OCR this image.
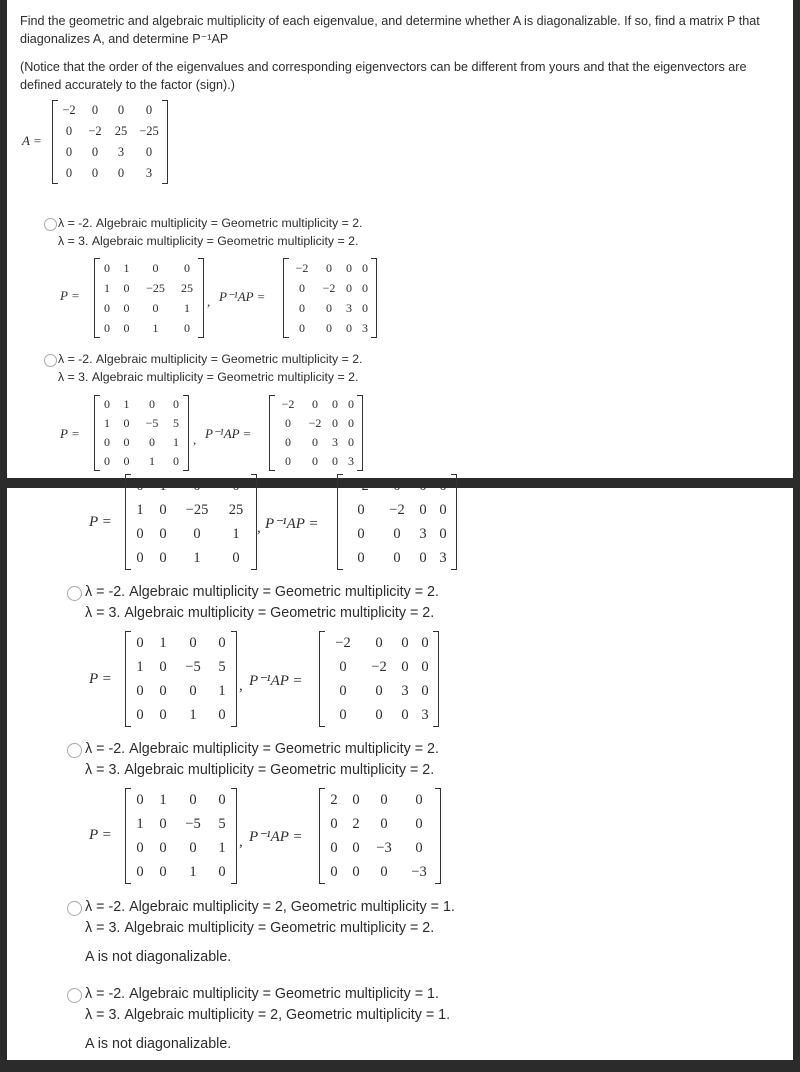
Find the geometric and algebraic multiplicity of each eigenvalue, and determine whether A is diagonalizable. If so, find a matrix P that diagonalizes A, and determine P⁻¹AP
(Notice that the order of the eigenvalues and corresponding eigenvectors can be different from yours and that the eigenvectors are defined accurately to the factor (sign).)
A =
−2	0	0	0
0	−2	25	−25
0	0	3	0
0	0	0	3
λ = -2. Algebraic multiplicity = Geometric multiplicity = 2.
λ = 3. Algebraic multiplicity = Geometric multiplicity = 2.
P =
0	1	0	0
1	0	−25	25
0	0	0	1
0	0	1	0
, P⁻¹AP =
−2	0	0	0
0	−2	0	0
0	0	3	0
0	0	0	3
λ = -2. Algebraic multiplicity = Geometric multiplicity = 2.
λ = 3. Algebraic multiplicity = Geometric multiplicity = 2.
P =
0	1	0	0
1	0	−5	5
0	0	0	1
0	0	1	0
, P⁻¹AP =
−2	0	0	0
0	−2	0	0
0	0	3	0
0	0	0	3
P =
0	1	0	0
1	0	−25	25
0	0	0	1
0	0	1	0
, P⁻¹AP =
−2	0	0	0
0	−2	0	0
0	0	3	0
0	0	0	3
λ = -2. Algebraic multiplicity = Geometric multiplicity = 2.
λ = 3. Algebraic multiplicity = Geometric multiplicity = 2.
P =
0	1	0	0
1	0	−5	5
0	0	0	1
0	0	1	0
, P⁻¹AP =
−2	0	0	0
0	−2	0	0
0	0	3	0
0	0	0	3
λ = -2. Algebraic multiplicity = Geometric multiplicity = 2.
λ = 3. Algebraic multiplicity = Geometric multiplicity = 2.
P =
0	1	0	0
1	0	−5	5
0	0	0	1
0	0	1	0
, P⁻¹AP =
2	0	0	0
0	2	0	0
0	0	−3	0
0	0	0	−3
λ = -2. Algebraic multiplicity = 2, Geometric multiplicity = 1.
λ = 3. Algebraic multiplicity = Geometric multiplicity = 2.
A is not diagonalizable.
λ = -2. Algebraic multiplicity = Geometric multiplicity = 1.
λ = 3. Algebraic multiplicity = 2, Geometric multiplicity = 1.
A is not diagonalizable.
